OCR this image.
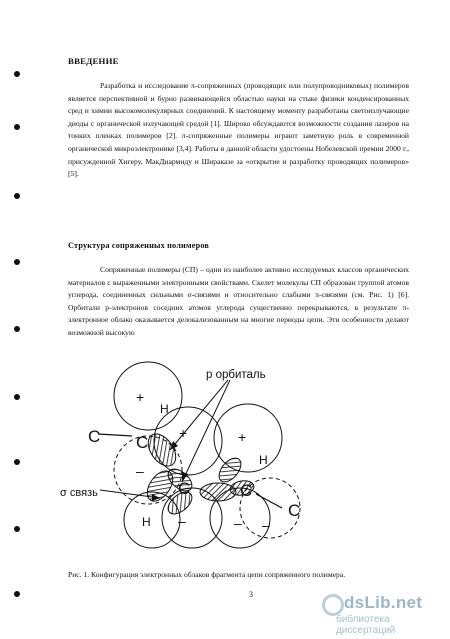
ВВЕДЕНИЕ

Разработка и исследование π-сопряженных (проводящих или полупроводниковых) полимеров является перспективной и бурно развивающейся областью науки на стыке физики конденсированных сред и химии высокомолекулярных соединений. К настоящему моменту разработаны светоизлучающие диоды с органической излучающей средой [1]. Широко обсуждаются возможности создания лазеров на тонких пленках полимеров [2]. π-сопряженные полимеры играют заметную роль в современной органической микроэлектронике [3,4]. Работы в данной области удостоены Нобелевской премии 2000 г., присужденной Хигеру, МакДиармиду и Шираказе за «открытие и разработку проводящих полимеров» [5].

Структура сопряженных полимеров

Сопряженные полимеры (СП) – одни из наиболее активно исследуемых классов органических материалов с выраженными электронными свойствами. Скелет молекулы СП образован группой атомов углерода, соединенных сильными σ-связями и относительно слабыми π-связями (см. Рис. 1) [6]. Орбитали р-электронов соседних атомов углерода существенно перекрываются, в результате π-электронное облако оказывается делокализованным на многие периоды цепи. Эти особенности делают возможной высокую

C C
C	C
C
H
H
H
+
+
–
+
–	– –
р орбиталь
σ связь
Рис. 1. Конфигурация электронных облаков фрагмента цепи сопряженного полимера.
3	dsLib.net
библиотека диссертаций
